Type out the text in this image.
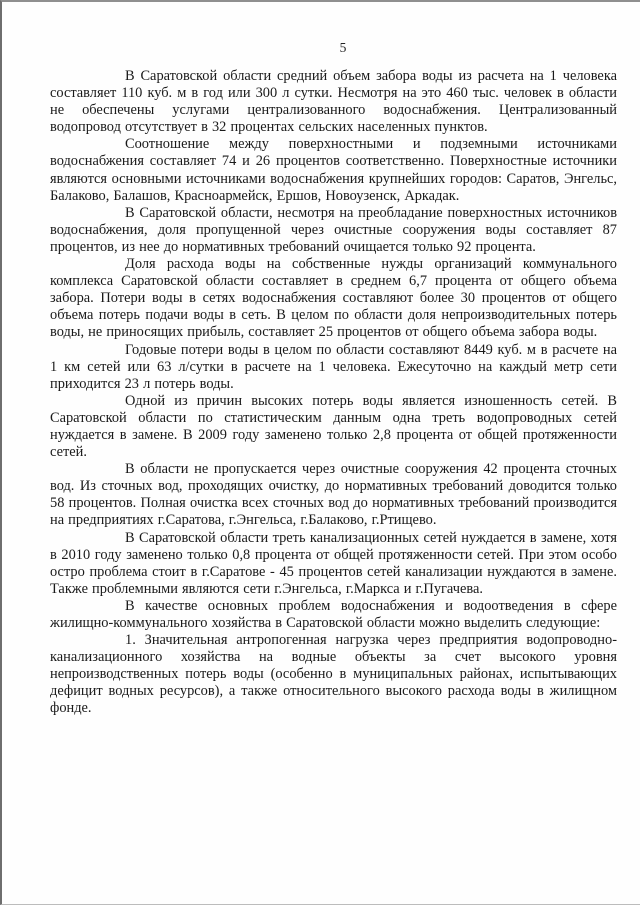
5

В Саратовской области средний объем забора воды из расчета на 1 человека составляет 110 куб. м в год или 300 л сутки. Несмотря на это 460 тыс. человек в области не обеспечены услугами централизованного водоснабжения. Централизованный водопровод отсутствует в 32 процентах сельских населенных пунктов.

Соотношение между поверхностными и подземными источниками водоснабжения составляет 74 и 26 процентов соответственно. Поверхностные источники являются основными источниками водоснабжения крупнейших городов: Саратов, Энгельс, Балаково, Балашов, Красноармейск, Ершов, Новоузенск, Аркадак.

В Саратовской области, несмотря на преобладание поверхностных источников водоснабжения, доля пропущенной через очистные сооружения воды составляет 87 процентов, из нее до нормативных требований очищается только 92 процента.

Доля расхода воды на собственные нужды организаций коммунального комплекса Саратовской области составляет в среднем 6,7 процента от общего объема забора. Потери воды в сетях водоснабжения составляют более 30 процентов от общего объема потерь подачи воды в сеть. В целом по области доля непроизводительных потерь воды, не приносящих прибыль, составляет 25 процентов от общего объема забора воды.

Годовые потери воды в целом по области составляют 8449 куб. м в расчете на 1 км сетей или 63 л/сутки в расчете на 1 человека. Ежесуточно на каждый метр сети приходится 23 л потерь воды.

Одной из причин высоких потерь воды является изношенность сетей. В Саратовской области по статистическим данным одна треть водопроводных сетей нуждается в замене. В 2009 году заменено только 2,8 процента от общей протяженности сетей.

В области не пропускается через очистные сооружения 42 процента сточных вод. Из сточных вод, проходящих очистку, до нормативных требований доводится только 58 процентов. Полная очистка всех сточных вод до нормативных требований производится на предприятиях г.Саратова, г.Энгельса, г.Балаково, г.Ртищево.

В Саратовской области треть канализационных сетей нуждается в замене, хотя в 2010 году заменено только 0,8 процента от общей протяженности сетей. При этом особо остро проблема стоит в г.Саратове - 45 процентов сетей канализации нуждаются в замене. Также проблемными являются сети г.Энгельса, г.Маркса и г.Пугачева.

В качестве основных проблем водоснабжения и водоотведения в сфере жилищно-коммунального хозяйства в Саратовской области можно выделить следующие:

1. Значительная антропогенная нагрузка через предприятия водопроводно-канализационного хозяйства на водные объекты за счет высокого уровня непроизводственных потерь воды (особенно в муниципальных районах, испытывающих дефицит водных ресурсов), а также относительного высокого расхода воды в жилищном фонде.
